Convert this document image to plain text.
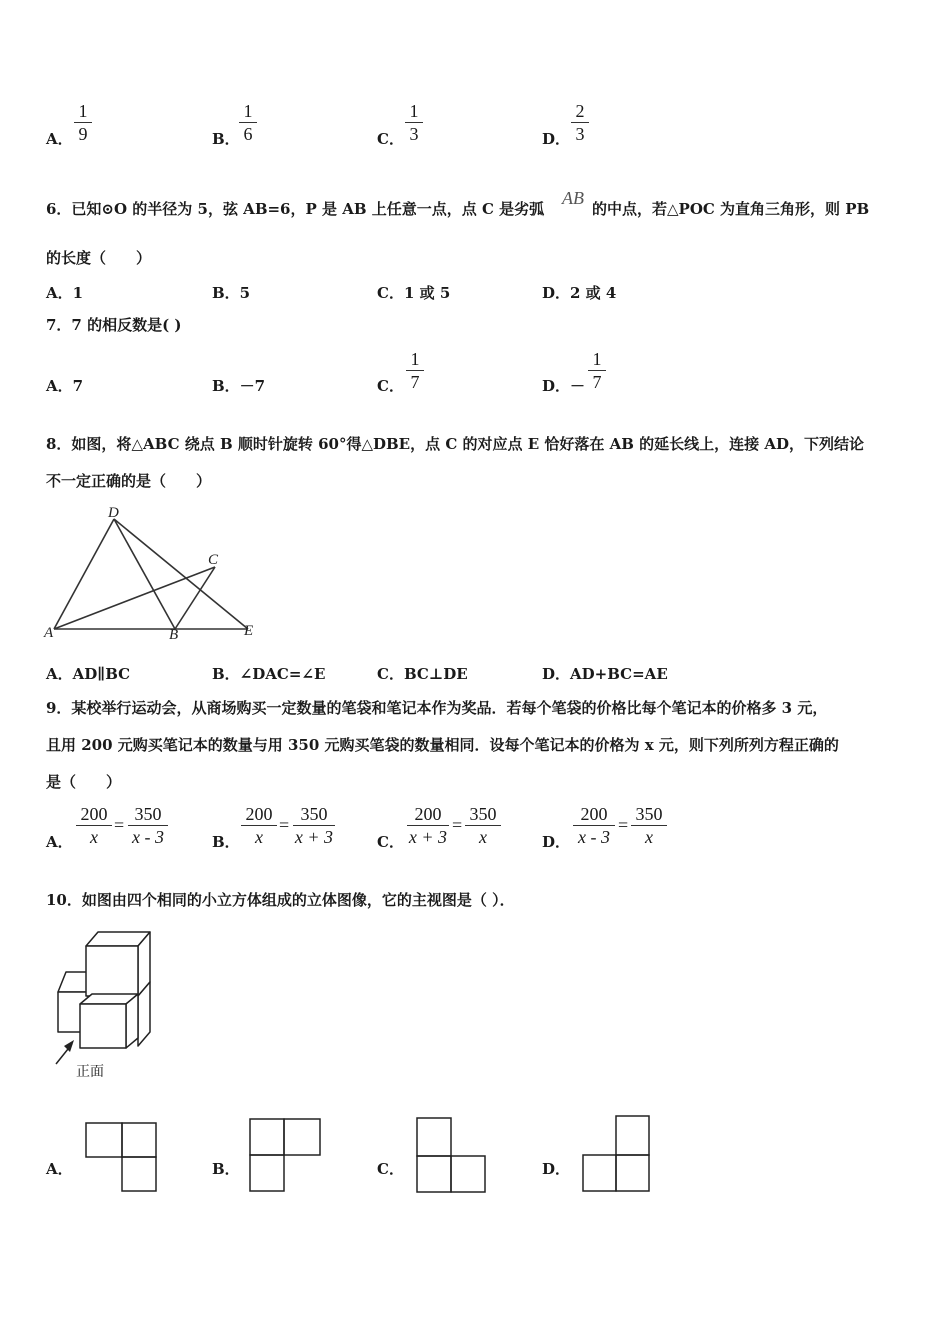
A． $\frac{1}{9}$	B． $\frac{1}{6}$	C． $\frac{1}{3}$	D． $\frac{2}{3}$
6．已知⊙O 的半径为 5，弦 AB=6，P 是 AB 上任意一点，点 C 是劣弧
AB
的中点，若△POC 为直角三角形，则 PB
的长度（　　）
A．1	B．5	C．1 或 5	D．2 或 4
7．7 的相反数是( )
A．7	B．－7	C． $\frac{1}{7}$	D．－ $\frac{1}{7}$
8．如图，将△ABC 绕点 B 顺时针旋转 60°得△DBE，点 C 的对应点 E 恰好落在 AB 的延长线上，连接 AD，下列结论
不一定正确的是（　　）
A	B
C
D
E
A．AD∥BC	B．∠DAC=∠E	C．BC⊥DE	D．AD+BC=AE
9．某校举行运动会，从商场购买一定数量的笔袋和笔记本作为奖品．若每个笔袋的价格比每个笔记本的价格多 3 元，
且用 200 元购买笔记本的数量与用 350 元购买笔袋的数量相同．设每个笔记本的价格为 x 元，则下列所列方程正确的
是（　　）
A． $\frac{200}{x} = \frac{350}{x - 3}$	B． $\frac{200}{x} = \frac{350}{x + 3}$	C． $\frac{200}{x + 3} = \frac{350}{x}$	D． $\frac{200}{x - 3} = \frac{350}{x}$
10．如图由四个相同的小立方体组成的立体图像，它的主视图是（ ）．
正面
A．	B．	C．	D．
